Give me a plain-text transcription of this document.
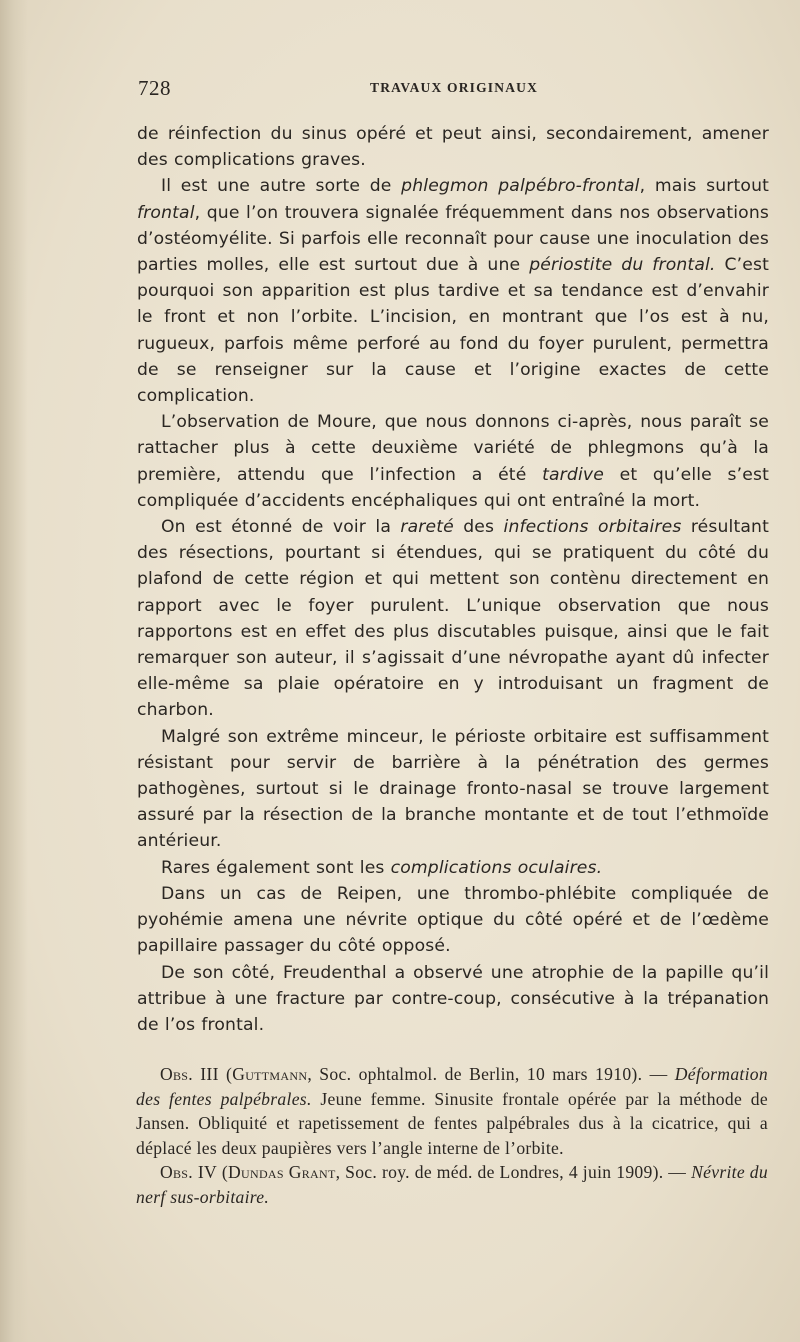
728	TRAVAUX ORIGINAUX

de réinfection du sinus opéré et peut ainsi, secondairement, amener des complications graves.

Il est une autre sorte de phlegmon palpébro-frontal, mais surtout frontal, que l’on trouvera signalée fréquemment dans nos observations d’ostéomyélite. Si parfois elle reconnaît pour cause une inoculation des parties molles, elle est surtout due à une périostite du frontal. C’est pourquoi son apparition est plus tardive et sa tendance est d’envahir le front et non l’orbite. L’incision, en montrant que l’os est à nu, rugueux, parfois même perforé au fond du foyer purulent, permettra de se renseigner sur la cause et l’origine exactes de cette complication.

L’observation de Moure, que nous donnons ci-après, nous paraît se rattacher plus à cette deuxième variété de phlegmons qu’à la première, attendu que l’infection a été tardive et qu’elle s’est compliquée d’accidents encéphaliques qui ont entraîné la mort.

On est étonné de voir la rareté des infections orbitaires résultant des résections, pourtant si étendues, qui se pratiquent du côté du plafond de cette région et qui mettent son contènu directement en rapport avec le foyer purulent. L’unique observation que nous rapportons est en effet des plus discutables puisque, ainsi que le fait remarquer son auteur, il s’agissait d’une névropathe ayant dû infecter elle-même sa plaie opératoire en y introduisant un fragment de charbon.

Malgré son extrême minceur, le périoste orbitaire est suffisamment résistant pour servir de barrière à la pénétration des germes pathogènes, surtout si le drainage fronto-nasal se trouve largement assuré par la résection de la branche montante et de tout l’ethmoïde antérieur.

Rares également sont les complications oculaires.

Dans un cas de Reipen, une thrombo-phlébite compliquée de pyohémie amena une névrite optique du côté opéré et de l’œdème papillaire passager du côté opposé.

De son côté, Freudenthal a observé une atrophie de la papille qu’il attribue à une fracture par contre-coup, consécutive à la trépanation de l’os frontal.

Obs. III (Guttmann, Soc. ophtalmol. de Berlin, 10 mars 1910). — Déformation des fentes palpébrales. Jeune femme. Sinusite frontale opérée par la méthode de Jansen. Obliquité et rapetissement de fentes palpébrales dus à la cicatrice, qui a déplacé les deux paupières vers l’angle interne de l’orbite.

Obs. IV (Dundas Grant, Soc. roy. de méd. de Londres, 4 juin 1909). — Névrite du nerf sus-orbitaire.
